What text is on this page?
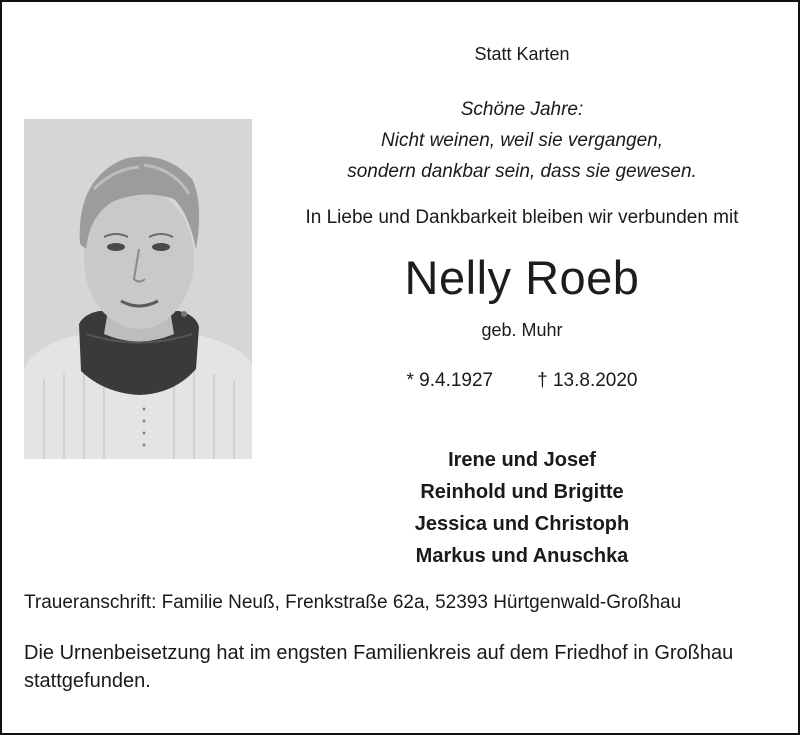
Statt Karten

Schöne Jahre:
Nicht weinen, weil sie vergangen,
sondern dankbar sein, dass sie gewesen.

In Liebe und Dankbarkeit bleiben wir verbunden mit

Nelly Roeb

geb. Muhr

* 9.4.1927 † 13.8.2020

Irene und Josef
Reinhold und Brigitte
Jessica und Christoph
Markus und Anuschka

Traueranschrift: Familie Neuß, Frenkstraße 62a, 52393 Hürtgenwald-Großhau

Die Urnenbeisetzung hat im engsten Familienkreis auf dem Friedhof in Großhau stattgefunden.
